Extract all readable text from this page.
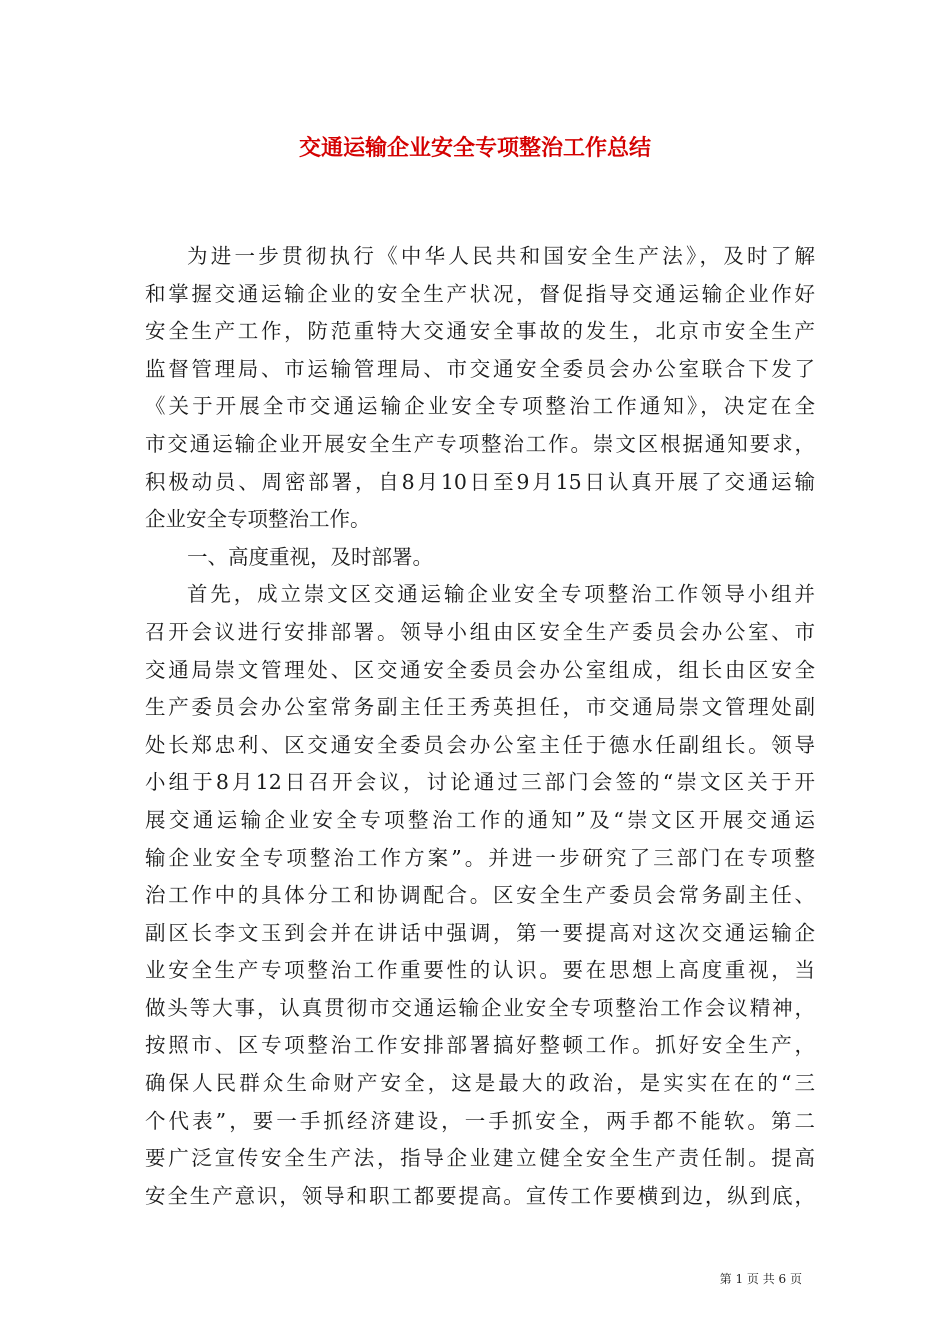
交通运输企业安全专项整治工作总结
为进一步贯彻执行《中华人民共和国安全生产法》，及时了解
和掌握交通运输企业的安全生产状况，督促指导交通运输企业作好
安全生产工作，防范重特大交通安全事故的发生，北京市安全生产
监督管理局、市运输管理局、市交通安全委员会办公室联合下发了
《关于开展全市交通运输企业安全专项整治工作通知》，决定在全
市交通运输企业开展安全生产专项整治工作。崇文区根据通知要求，
积极动员、周密部署，自8月10日至9月15日认真开展了交通运输
企业安全专项整治工作。
一、高度重视，及时部署。
首先，成立崇文区交通运输企业安全专项整治工作领导小组并
召开会议进行安排部署。领导小组由区安全生产委员会办公室、市
交通局崇文管理处、区交通安全委员会办公室组成，组长由区安全
生产委员会办公室常务副主任王秀英担任，市交通局崇文管理处副
处长郑忠利、区交通安全委员会办公室主任于德水任副组长。领导
小组于8月12日召开会议，讨论通过三部门会签的“崇文区关于开
展交通运输企业安全专项整治工作的通知”及“崇文区开展交通运
输企业安全专项整治工作方案”。并进一步研究了三部门在专项整
治工作中的具体分工和协调配合。区安全生产委员会常务副主任、
副区长李文玉到会并在讲话中强调，第一要提高对这次交通运输企
业安全生产专项整治工作重要性的认识。要在思想上高度重视，当
做头等大事，认真贯彻市交通运输企业安全专项整治工作会议精神，
按照市、区专项整治工作安排部署搞好整顿工作。抓好安全生产，
确保人民群众生命财产安全，这是最大的政治，是实实在在的“三
个代表”，要一手抓经济建设，一手抓安全，两手都不能软。第二
要广泛宣传安全生产法，指导企业建立健全安全生产责任制。提高
安全生产意识，领导和职工都要提高。宣传工作要横到边，纵到底，
第 1 页 共 6 页
